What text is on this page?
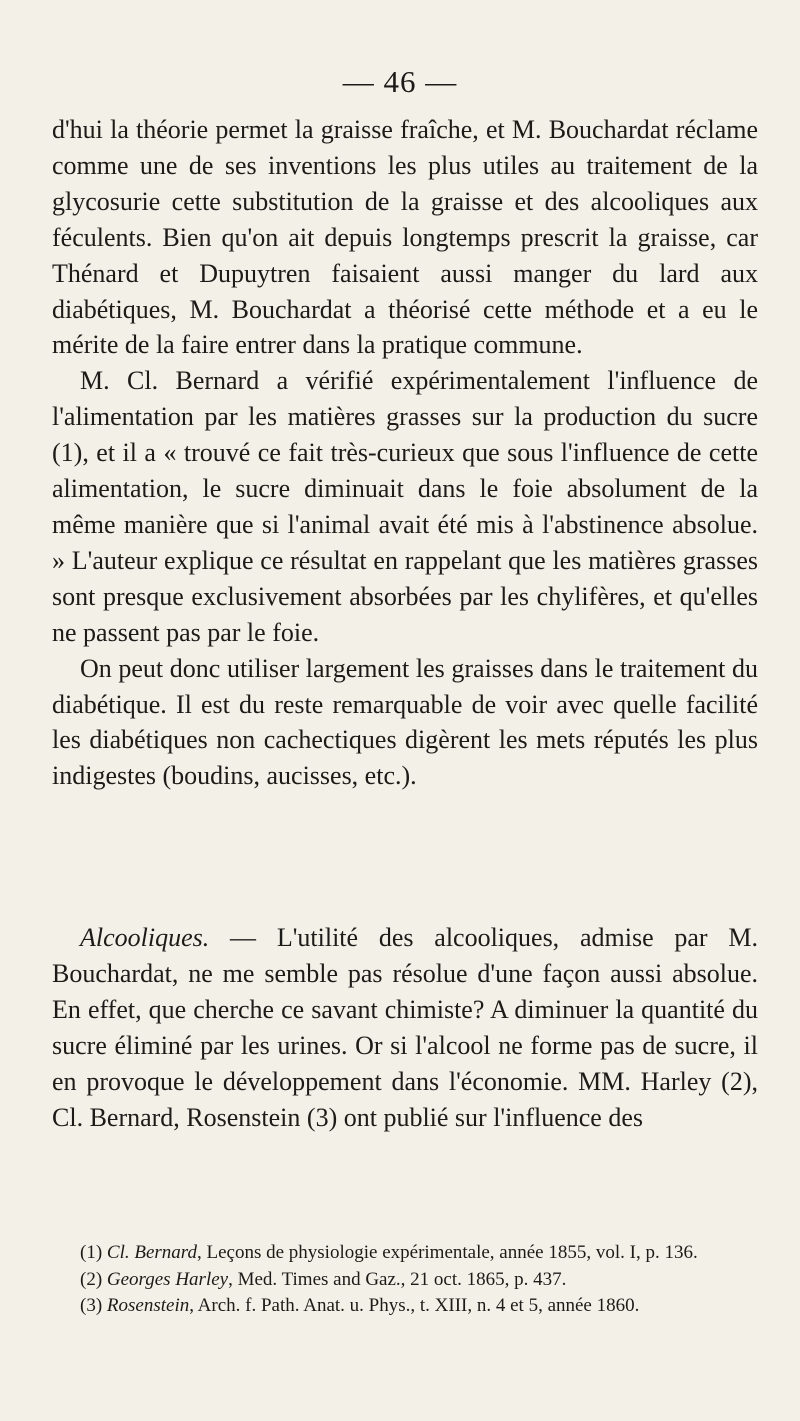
— 46 —

d'hui la théorie permet la graisse fraîche, et M. Bouchardat réclame comme une de ses inventions les plus utiles au traitement de la glycosurie cette substitution de la graisse et des alcooliques aux féculents. Bien qu'on ait depuis longtemps prescrit la graisse, car Thénard et Dupuytren faisaient aussi manger du lard aux diabétiques, M. Bouchardat a théorisé cette méthode et a eu le mérite de la faire entrer dans la pratique commune.

M. Cl. Bernard a vérifié expérimentalement l'influence de l'alimentation par les matières grasses sur la production du sucre (1), et il a « trouvé ce fait très-curieux que sous l'influence de cette alimentation, le sucre diminuait dans le foie absolument de la même manière que si l'animal avait été mis à l'abstinence absolue. » L'auteur explique ce résultat en rappelant que les matières grasses sont presque exclusivement absorbées par les chylifères, et qu'elles ne passent pas par le foie.

On peut donc utiliser largement les graisses dans le traitement du diabétique. Il est du reste remarquable de voir avec quelle facilité les diabétiques non cachectiques digèrent les mets réputés les plus indigestes (boudins, aucisses, etc.).

Alcooliques. — L'utilité des alcooliques, admise par M. Bouchardat, ne me semble pas résolue d'une façon aussi absolue. En effet, que cherche ce savant chimiste? A diminuer la quantité du sucre éliminé par les urines. Or si l'alcool ne forme pas de sucre, il en provoque le développement dans l'économie. MM. Harley (2), Cl. Bernard, Rosenstein (3) ont publié sur l'influence des

(1) Cl. Bernard, Leçons de physiologie expérimentale, année 1855, vol. I, p. 136.

(2) Georges Harley, Med. Times and Gaz., 21 oct. 1865, p. 437.

(3) Rosenstein, Arch. f. Path. Anat. u. Phys., t. XIII, n. 4 et 5, année 1860.
